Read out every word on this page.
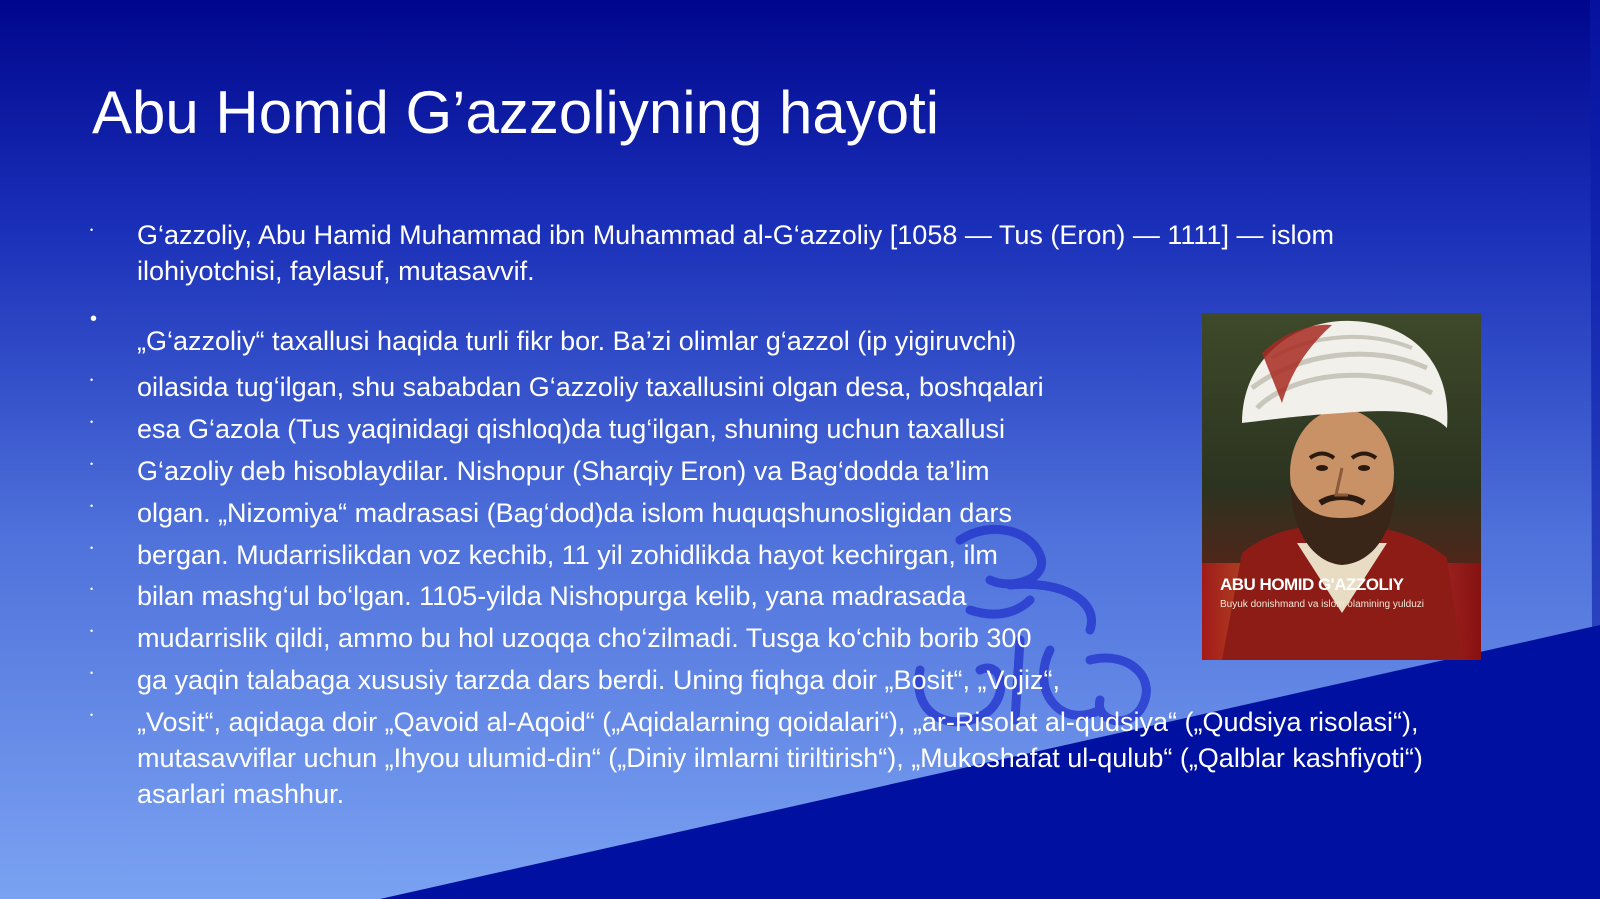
Abu Homid G’azzoliyning hayoti
• G‘azzoliy, Abu Hamid Muhammad ibn Muhammad al-G‘azzoliy [1058 — Tus (Eron) — 1111] — islom ilohiyotchisi, faylasuf, mutasavvif.
•
„G‘azzoliy“ taxallusi haqida turli fikr bor. Ba’zi olimlar g‘azzol (ip yigiruvchi)
• oilasida tug‘ilgan, shu sababdan G‘azzoliy taxallusini olgan desa, boshqalari
• esa G‘azola (Tus yaqinidagi qishloq)da tug‘ilgan, shuning uchun taxallusi
• G‘azoliy deb hisoblaydilar. Nishopur (Sharqiy Eron) va Bag‘dodda ta’lim
• olgan. „Nizomiya“ madrasasi (Bag‘dod)da islom huquqshunosligidan dars
• bergan. Mudarrislikdan voz kechib, 11 yil zohidlikda hayot kechirgan, ilm
• bilan mashg‘ul bo‘lgan. 1105-yilda Nishopurga kelib, yana madrasada
• mudarrislik qildi, ammo bu hol uzoqqa cho‘zilmadi. Tusga ko‘chib borib 300
• ga yaqin talabaga xususiy tarzda dars berdi. Uning fiqhga doir „Bosit“, „Vojiz“,
• „Vosit“, aqidaga doir „Qavoid al-Aqoid“ („Aqidalarning qoidalari“), „ar-Risolat al-qudsiya“ („Qudsiya risolasi“), mutasavviflar uchun „Ihyou ulumid-din“ („Diniy ilmlarni tiriltirish“), „Mukoshafat ul-qulub“ („Qalblar kashfiyoti“) asarlari mashhur.
ABU HOMID G'AZZOLIY
Buyuk donishmand va islom olamining yulduzi
